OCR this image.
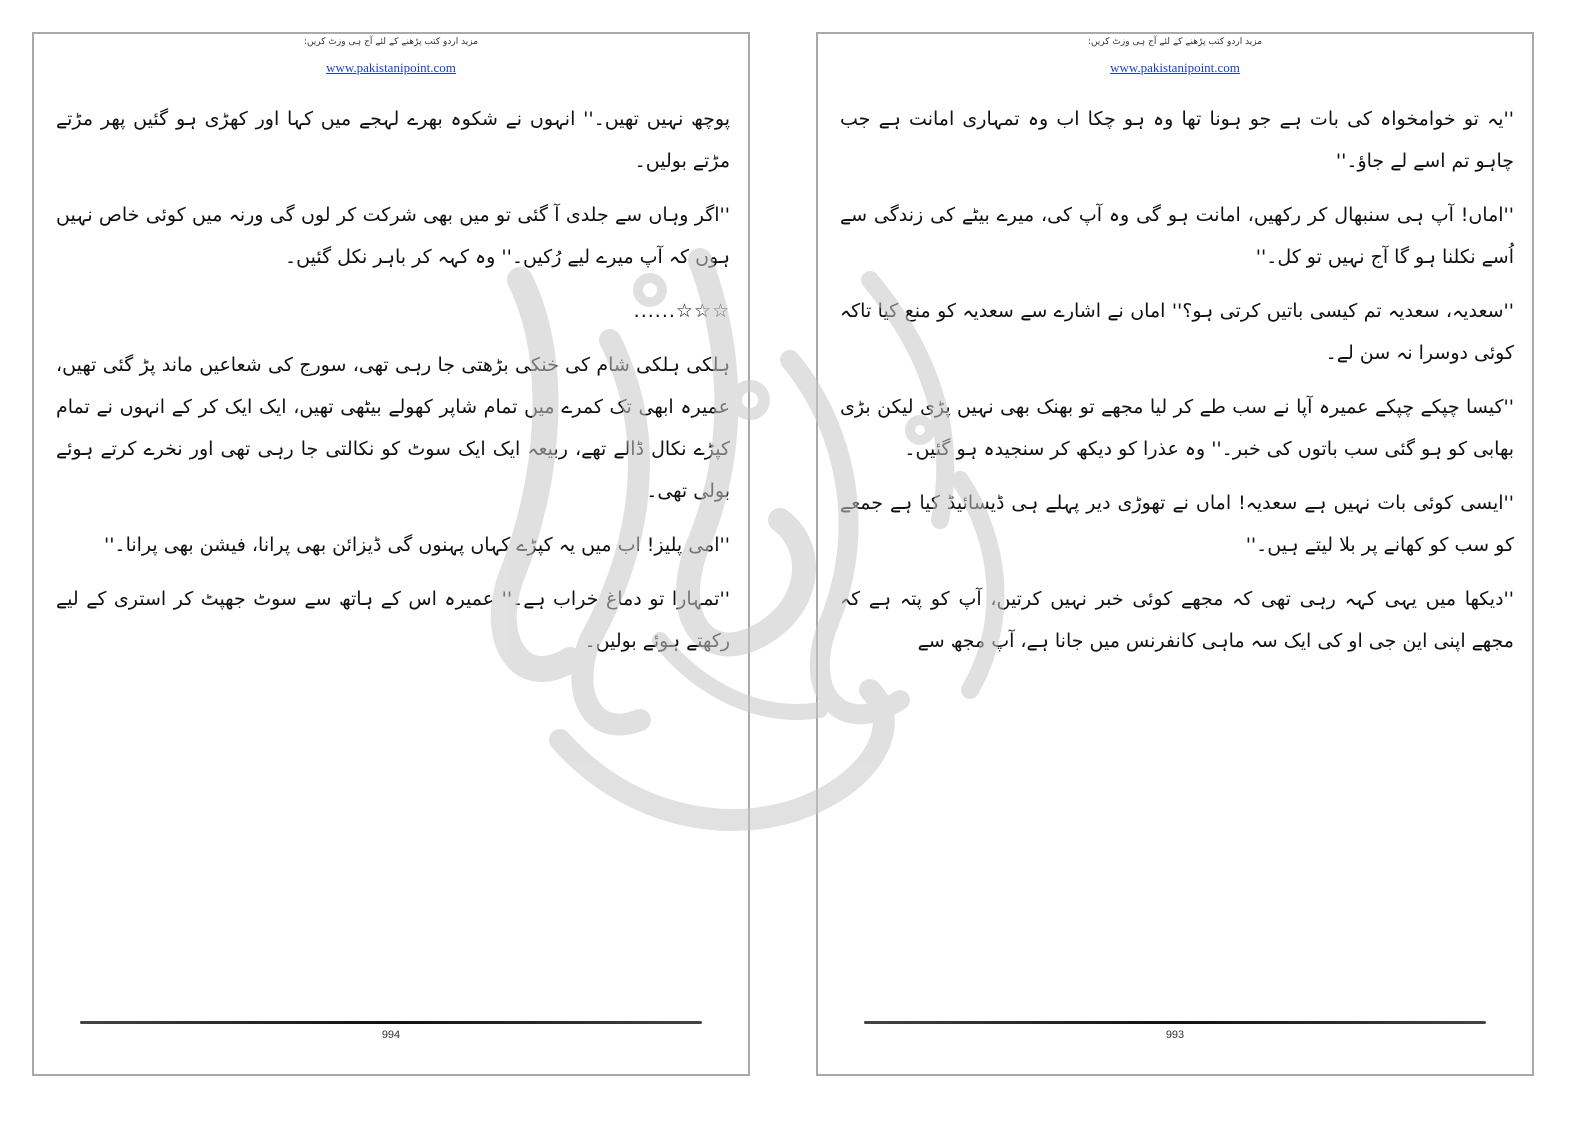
مزید اردو کتب پڑھنے کے لئے آج ہی وزٹ کریں:
www.pakistanipoint.com

پوچھ نہیں تھیں۔'' انہوں نے شکوہ بھرے لہجے میں کہا اور کھڑی ہو گئیں پھر مڑتے مڑتے بولیں۔

''اگر وہاں سے جلدی آ گئی تو میں بھی شرکت کر لوں گی ورنہ میں کوئی خاص نہیں ہوں کہ آپ میرے لیے رُکیں۔'' وہ کہہ کر باہر نکل گئیں۔

......☆☆☆

ہلکی ہلکی شام کی خنکی بڑھتی جا رہی تھی، سورج کی شعاعیں ماند پڑ گئی تھیں، عمیرہ ابھی تک کمرے میں تمام شاپر کھولے بیٹھی تھیں، ایک ایک کر کے انہوں نے تمام کپڑے نکال ڈالے تھے، ربیعہ ایک ایک سوٹ کو نکالتی جا رہی تھی اور نخرے کرتے ہوئے بولی تھی۔

''امی پلیز! اب میں یہ کپڑے کہاں پہنوں گی ڈیزائن بھی پرانا، فیشن بھی پرانا۔''

''تمہارا تو دماغ خراب ہے۔'' عمیرہ اس کے ہاتھ سے سوٹ جھپٹ کر استری کے لیے رکھتے ہوئے بولیں۔

994
مزید اردو کتب پڑھنے کے لئے آج ہی وزٹ کریں:
www.pakistanipoint.com

''یہ تو خوامخواہ کی بات ہے جو ہونا تھا وہ ہو چکا اب وہ تمہاری امانت ہے جب چاہو تم اسے لے جاؤ۔''

''اماں! آپ ہی سنبھال کر رکھیں، امانت ہو گی وہ آپ کی، میرے بیٹے کی زندگی سے اُسے نکلنا ہو گا آج نہیں تو کل۔''

''سعدیہ، سعدیہ تم کیسی باتیں کرتی ہو؟'' اماں نے اشارے سے سعدیہ کو منع کیا تاکہ کوئی دوسرا نہ سن لے۔

''کیسا چپکے چپکے عمیرہ آپا نے سب طے کر لیا مجھے تو بھنک بھی نہیں پڑی لیکن بڑی بھابی کو ہو گئی سب باتوں کی خبر۔'' وہ عذرا کو دیکھ کر سنجیدہ ہو گئیں۔

''ایسی کوئی بات نہیں ہے سعدیہ! اماں نے تھوڑی دیر پہلے ہی ڈیسائیڈ کیا ہے جمعے کو سب کو کھانے پر بلا لیتے ہیں۔''

''دیکھا میں یہی کہہ رہی تھی کہ مجھے کوئی خبر نہیں کرتیں، آپ کو پتہ ہے کہ مجھے اپنی این جی او کی ایک سہ ماہی کانفرنس میں جانا ہے، آپ مجھ سے

993
